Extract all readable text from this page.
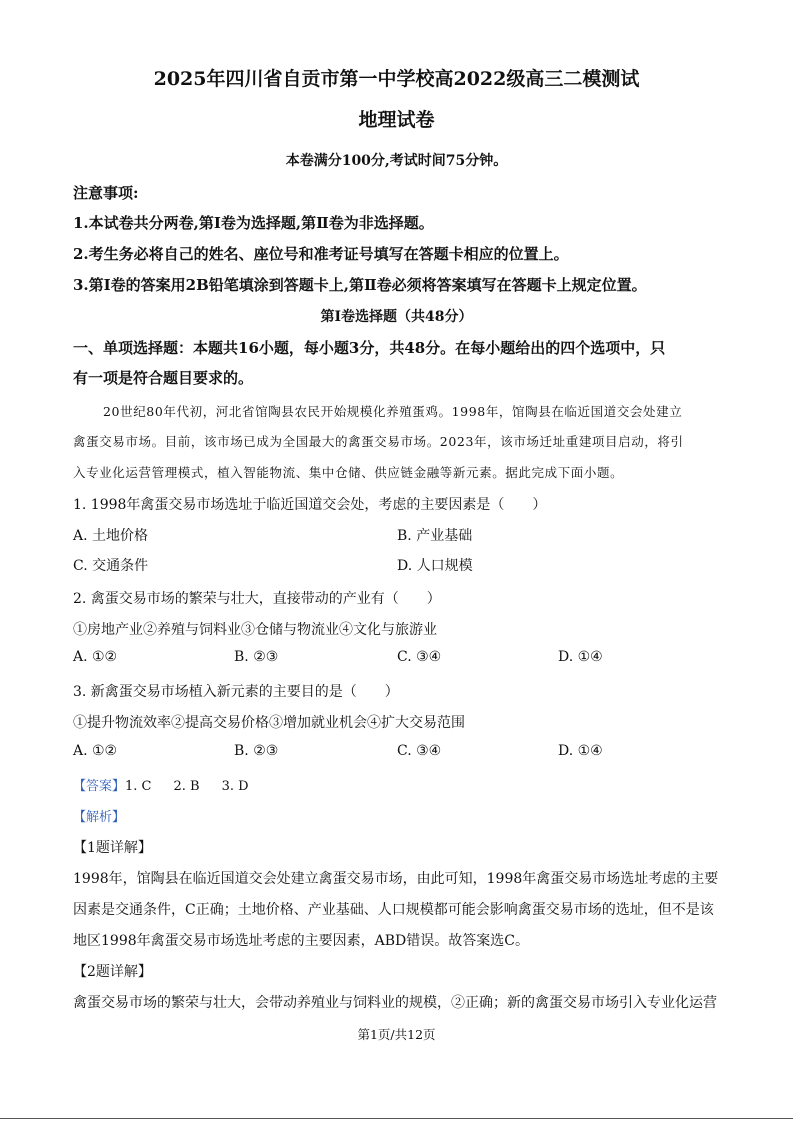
2025年四川省自贡市第一中学校高2022级高三二模测试
地理试卷
本卷满分100分,考试时间75分钟。
注意事项:
1.本试卷共分两卷,第Ⅰ卷为选择题,第Ⅱ卷为非选择题。
2.考生务必将自己的姓名、座位号和准考证号填写在答题卡相应的位置上。
3.第Ⅰ卷的答案用2B铅笔填涂到答题卡上,第Ⅱ卷必须将答案填写在答题卡上规定位置。
第Ⅰ卷选择题（共48分）
一、单项选择题：本题共16小题，每小题3分，共48分。在每小题给出的四个选项中，只
有一项是符合题目要求的。
20世纪80年代初，河北省馆陶县农民开始规模化养殖蛋鸡。1998年，馆陶县在临近国道交会处建立
禽蛋交易市场。目前，该市场已成为全国最大的禽蛋交易市场。2023年，该市场迁址重建项目启动，将引
入专业化运营管理模式，植入智能物流、集中仓储、供应链金融等新元素。据此完成下面小题。
1. 1998年禽蛋交易市场选址于临近国道交会处，考虑的主要因素是（　　）
A. 土地价格	B. 产业基础
C. 交通条件	D. 人口规模
2. 禽蛋交易市场的繁荣与壮大，直接带动的产业有（　　）
①房地产业②养殖与饲料业③仓储与物流业④文化与旅游业
A. ①②	B. ②③	C. ③④	D. ①④
3. 新禽蛋交易市场植入新元素的主要目的是（　　）
①提升物流效率②提高交易价格③增加就业机会④扩大交易范围
A. ①②	B. ②③	C. ③④	D. ①④
【答案】1. C 2. B 3. D
【解析】
【1题详解】
1998年，馆陶县在临近国道交会处建立禽蛋交易市场，由此可知，1998年禽蛋交易市场选址考虑的主要
因素是交通条件，C正确；土地价格、产业基础、人口规模都可能会影响禽蛋交易市场的选址，但不是该
地区1998年禽蛋交易市场选址考虑的主要因素，ABD错误。故答案选C。
【2题详解】
禽蛋交易市场的繁荣与壮大，会带动养殖业与饲料业的规模，②正确；新的禽蛋交易市场引入专业化运营
第1页/共12页
